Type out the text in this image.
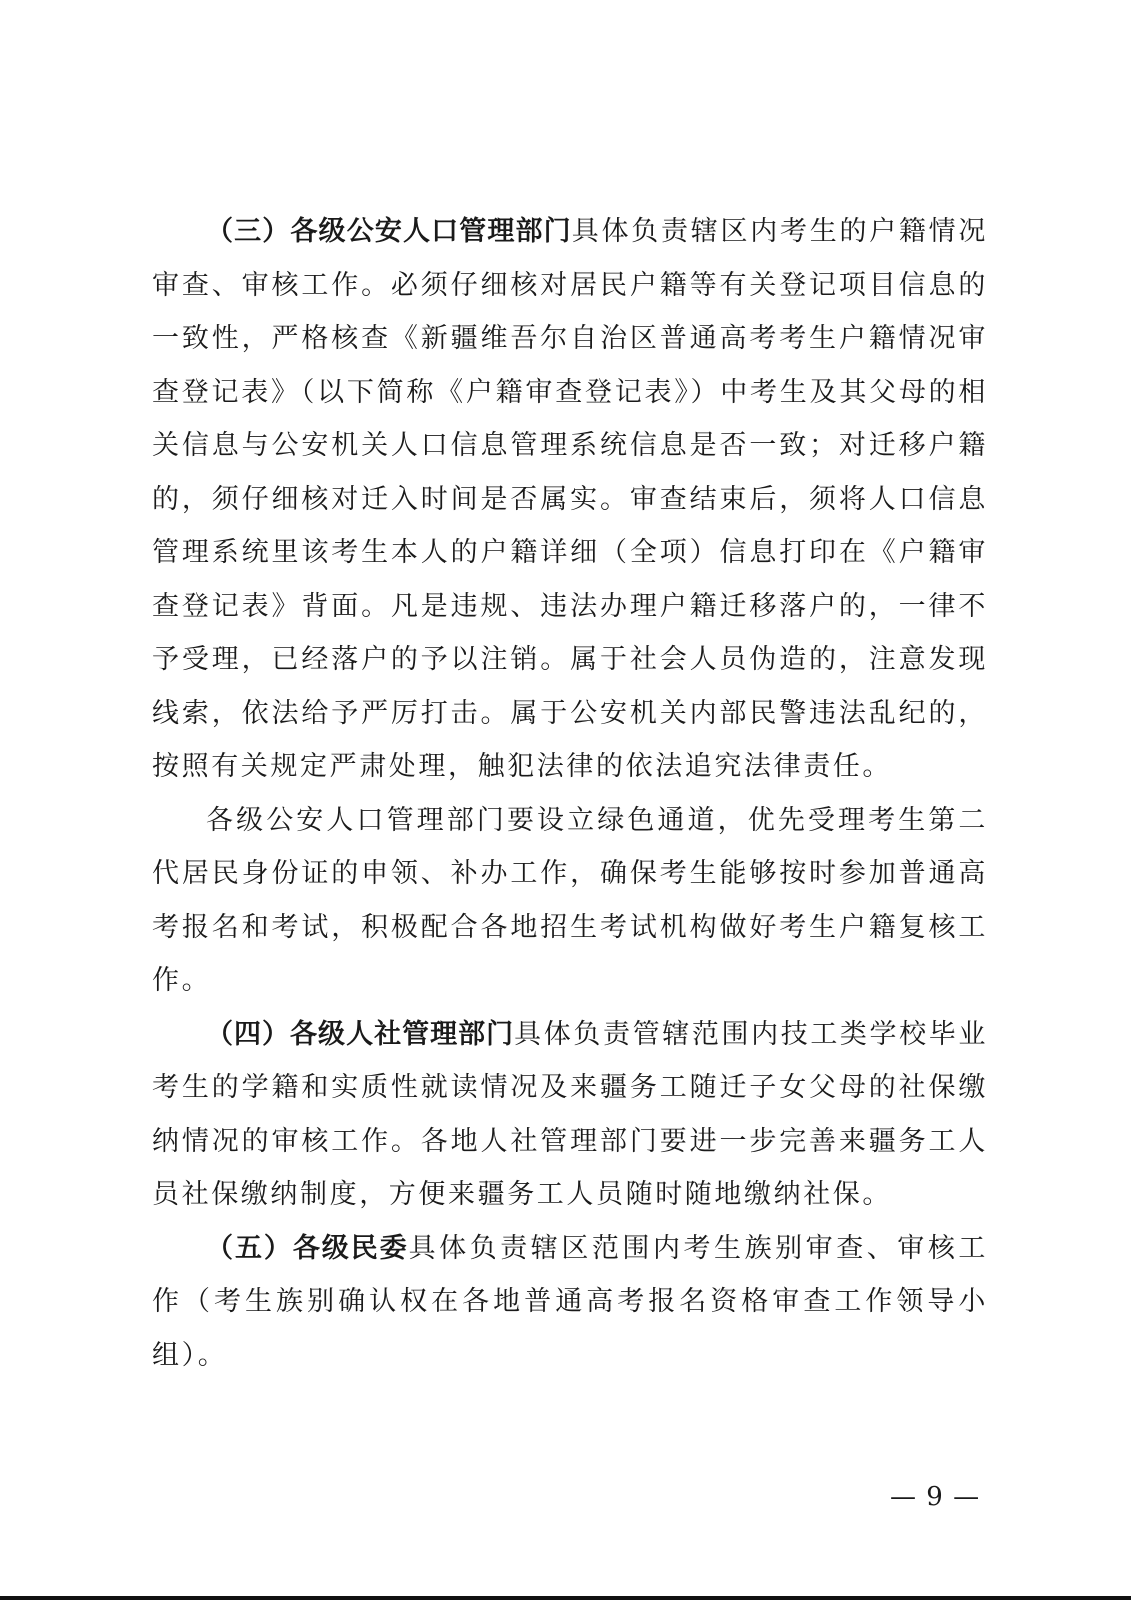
（三）各级公安人口管理部门具体负责辖区内考生的户籍情况审查、审核工作。必须仔细核对居民户籍等有关登记项目信息的一致性，严格核查《新疆维吾尔自治区普通高考考生户籍情况审查登记表》（以下简称《户籍审查登记表》）中考生及其父母的相关信息与公安机关人口信息管理系统信息是否一致；对迁移户籍的，须仔细核对迁入时间是否属实。审查结束后，须将人口信息管理系统里该考生本人的户籍详细（全项）信息打印在《户籍审查登记表》背面。凡是违规、违法办理户籍迁移落户的，一律不予受理，已经落户的予以注销。属于社会人员伪造的，注意发现线索，依法给予严厉打击。属于公安机关内部民警违法乱纪的，按照有关规定严肃处理，触犯法律的依法追究法律责任。

各级公安人口管理部门要设立绿色通道，优先受理考生第二代居民身份证的申领、补办工作，确保考生能够按时参加普通高考报名和考试，积极配合各地招生考试机构做好考生户籍复核工作。

（四）各级人社管理部门具体负责管辖范围内技工类学校毕业考生的学籍和实质性就读情况及来疆务工随迁子女父母的社保缴纳情况的审核工作。各地人社管理部门要进一步完善来疆务工人员社保缴纳制度，方便来疆务工人员随时随地缴纳社保。

（五）各级民委具体负责辖区范围内考生族别审查、审核工作（考生族别确认权在各地普通高考报名资格审查工作领导小组）。

— 9 —
